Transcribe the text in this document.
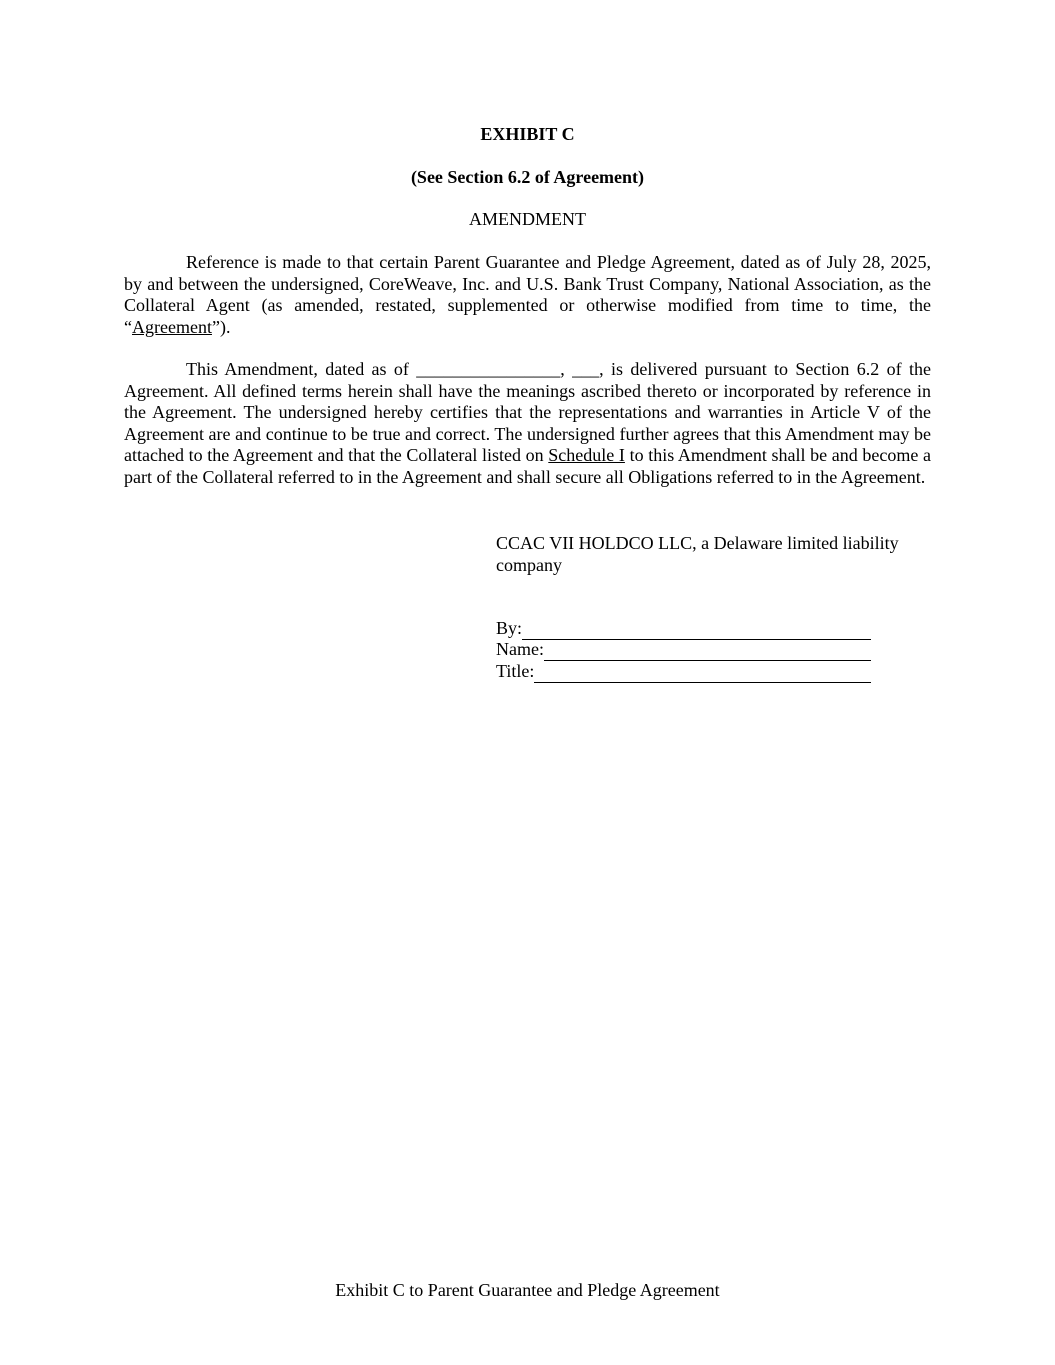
EXHIBIT C

(See Section 6.2 of Agreement)

AMENDMENT

Reference is made to that certain Parent Guarantee and Pledge Agreement, dated as of July 28, 2025, by and between the undersigned, CoreWeave, Inc. and U.S. Bank Trust Company, National Association, as the Collateral Agent (as amended, restated, supplemented or otherwise modified from time to time, the “Agreement”).

This Amendment, dated as of ________________, ___, is delivered pursuant to Section 6.2 of the Agreement. All defined terms herein shall have the meanings ascribed thereto or incorporated by reference in the Agreement. The undersigned hereby certifies that the representations and warranties in Article V of the Agreement are and continue to be true and correct. The undersigned further agrees that this Amendment may be attached to the Agreement and that the Collateral listed on Schedule I to this Amendment shall be and become a part of the Collateral referred to in the Agreement and shall secure all Obligations referred to in the Agreement.

CCAC VII HOLDCO LLC, a Delaware limited liability company

By:
Name:
Title:

Exhibit C to Parent Guarantee and Pledge Agreement
